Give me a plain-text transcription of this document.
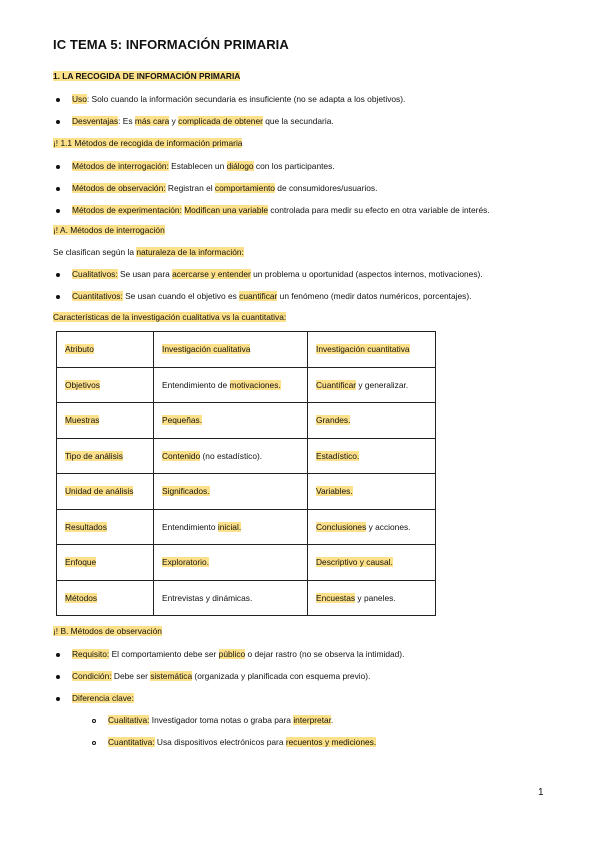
IC TEMA 5: INFORMACIÓN PRIMARIA
1. LA RECOGIDA DE INFORMACIÓN PRIMARIA
Uso: Solo cuando la información secundaria es insuficiente (no se adapta a los objetivos).
Desventajas: Es más cara y complicada de obtener que la secundaria.
¡! 1.1 Métodos de recogida de información primaria
Métodos de interrogación: Establecen un diálogo con los participantes.
Métodos de observación: Registran el comportamiento de consumidores/usuarios.
Métodos de experimentación: Modifican una variable controlada para medir su efecto en otra variable de interés.
¡! A. Métodos de interrogación
Se clasifican según la naturaleza de la información:
Cualitativos: Se usan para acercarse y entender un problema u oportunidad (aspectos internos, motivaciones).
Cuantitativos: Se usan cuando el objetivo es cuantificar un fenómeno (medir datos numéricos, porcentajes).
Características de la investigación cualitativa vs la cuantitativa:
Atributo	Investigación cualitativa	Investigación cuantitativa
Objetivos	Entendimiento de motivaciones.	Cuantificar y generalizar.
Muestras	Pequeñas.	Grandes.
Tipo de análisis	Contenido (no estadístico).	Estadístico.
Unidad de análisis	Significados.	Variables.
Resultados	Entendimiento inicial.	Conclusiones y acciones.
Enfoque	Exploratorio.	Descriptivo y causal.
Métodos	Entrevistas y dinámicas.	Encuestas y paneles.
¡! B. Métodos de observación
Requisito: El comportamiento debe ser público o dejar rastro (no se observa la intimidad).
Condición: Debe ser sistemática (organizada y planificada con esquema previo).
Diferencia clave:
Cualitativa: Investigador toma notas o graba para interpretar.
Cuantitativa: Usa dispositivos electrónicos para recuentos y mediciones.
1
